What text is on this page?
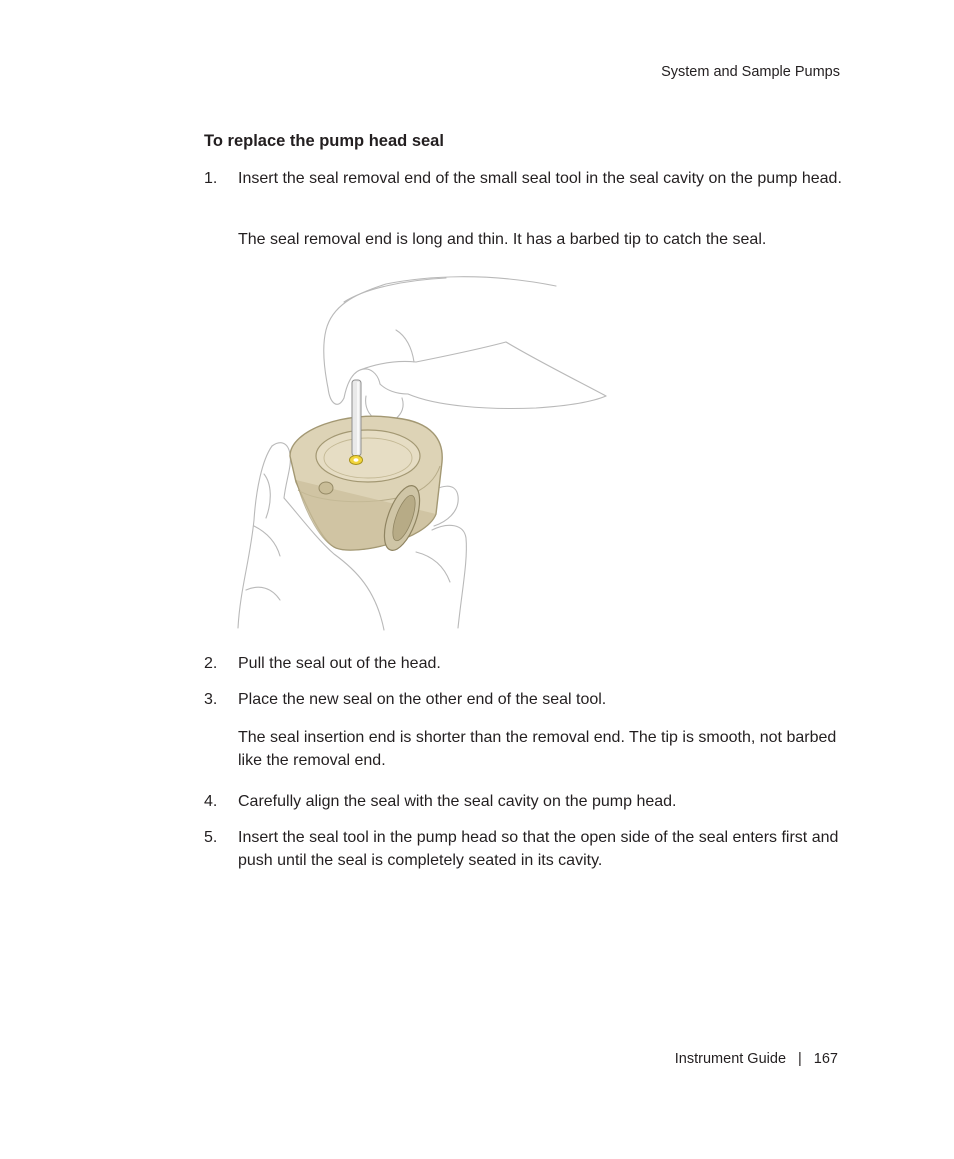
System and Sample Pumps
To replace the pump head seal
1.	Insert the seal removal end of the small seal tool in the seal cavity on the pump head.
The seal removal end is long and thin. It has a barbed tip to catch the seal.
2.	Pull the seal out of the head.
3.	Place the new seal on the other end of the seal tool.
The seal insertion end is shorter than the removal end. The tip is smooth, not barbed like the removal end.
4.	Carefully align the seal with the seal cavity on the pump head.
5.	Insert the seal tool in the pump head so that the open side of the seal enters first and push until the seal is completely seated in its cavity.
Instrument Guide | 167
